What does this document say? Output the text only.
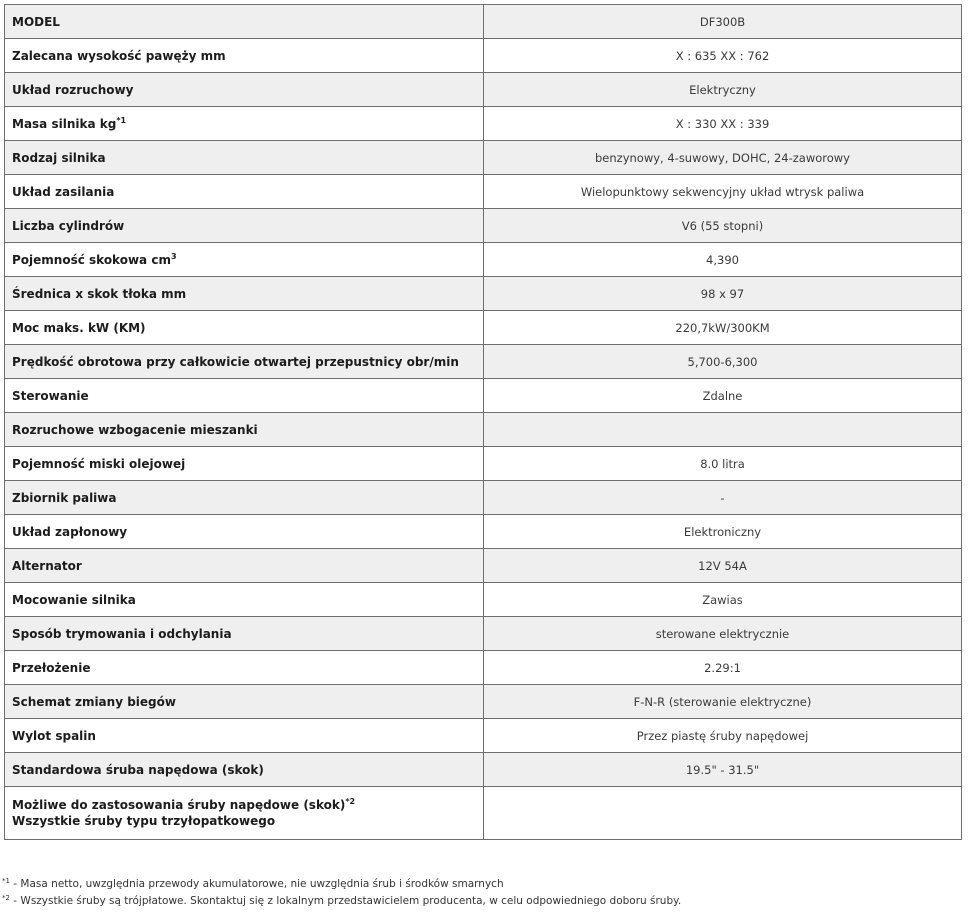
MODEL	DF300B
Zalecana wysokość pawęży mm	X : 635 XX : 762
Układ rozruchowy	Elektryczny
Masa silnika $kg^{*1}$	X : 330 XX : 339
Rodzaj silnika	benzynowy, 4-suwowy, DOHC, 24-zaworowy
Układ zasilania	Wielopunktowy sekwencyjny układ wtrysk paliwa
Liczba cylindrów	V6 (55 stopni)
Pojemność skokowa $cm^3$	4,390
Średnica x skok tłoka mm	98 x 97
Moc maks. kW (KM)	220,7kW/300KM
Prędkość obrotowa przy całkowicie otwartej przepustnicy obr/min	5,700-6,300
Sterowanie	Zdalne
Rozruchowe wzbogacenie mieszanki	
Pojemność miski olejowej	8.0 litra
Zbiornik paliwa	-
Układ zapłonowy	Elektroniczny
Alternator	12V 54A
Mocowanie silnika	Zawias
Sposób trymowania i odchylania	sterowane elektrycznie
Przełożenie	2.29:1
Schemat zmiany biegów	F-N-R (sterowanie elektryczne)
Wylot spalin	Przez piastę śruby napędowej
Standardowa śruba napędowa (skok)	19.5" - 31.5"

Możliwe do zastosowania śruby napędowe (skok)$^{*2}$
Wszystkie śruby typu trzyłopatkowego	

$^{*1}$ - Masa netto, uwzględnia przewody akumulatorowe, nie uwzględnia śrub i środków smarnych
$^{*2}$ - Wszystkie śruby są trójpłatowe. Skontaktuj się z lokalnym przedstawicielem producenta, w celu odpowiedniego doboru śruby.
